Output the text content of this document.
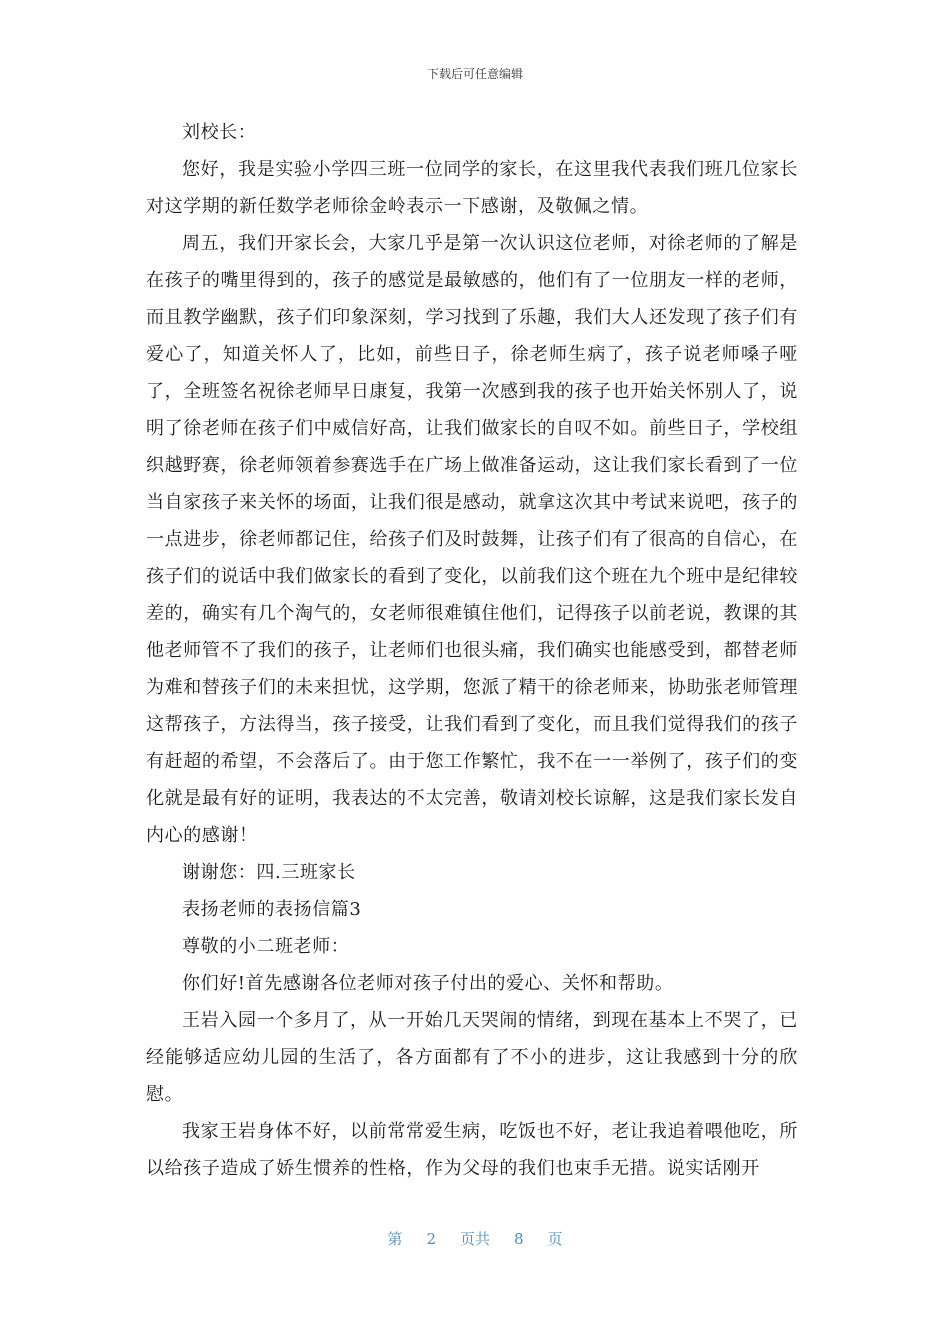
下载后可任意编辑

刘校长：

您好，我是实验小学四三班一位同学的家长，在这里我代表我们班几位家长对这学期的新任数学老师徐金岭表示一下感谢，及敬佩之情。

周五，我们开家长会，大家几乎是第一次认识这位老师，对徐老师的了解是在孩子的嘴里得到的，孩子的感觉是最敏感的，他们有了一位朋友一样的老师，而且教学幽默，孩子们印象深刻，学习找到了乐趣，我们大人还发现了孩子们有爱心了，知道关怀人了，比如，前些日子，徐老师生病了，孩子说老师嗓子哑了，全班签名祝徐老师早日康复，我第一次感到我的孩子也开始关怀别人了，说明了徐老师在孩子们中威信好高，让我们做家长的自叹不如。前些日子，学校组织越野赛，徐老师领着参赛选手在广场上做准备运动，这让我们家长看到了一位当自家孩子来关怀的场面，让我们很是感动，就拿这次其中考试来说吧，孩子的一点进步，徐老师都记住，给孩子们及时鼓舞，让孩子们有了很高的自信心，在孩子们的说话中我们做家长的看到了变化，以前我们这个班在九个班中是纪律较差的，确实有几个淘气的，女老师很难镇住他们，记得孩子以前老说，教课的其他老师管不了我们的孩子，让老师们也很头痛，我们确实也能感受到，都替老师为难和替孩子们的未来担忧，这学期，您派了精干的徐老师来，协助张老师管理这帮孩子，方法得当，孩子接受，让我们看到了变化，而且我们觉得我们的孩子有赶超的希望，不会落后了。由于您工作繁忙，我不在一一举例了，孩子们的变化就是最有好的证明，我表达的不太完善，敬请刘校长谅解，这是我们家长发自内心的感谢！

谢谢您：四.三班家长

表扬老师的表扬信篇3

尊敬的小二班老师：

你们好!首先感谢各位老师对孩子付出的爱心、关怀和帮助。

王岩入园一个多月了，从一开始几天哭闹的情绪，到现在基本上不哭了，已经能够适应幼儿园的生活了，各方面都有了不小的进步，这让我感到十分的欣慰。

我家王岩身体不好，以前常常爱生病，吃饭也不好，老让我追着喂他吃，所以给孩子造成了娇生惯养的性格，作为父母的我们也束手无措。说实话刚开

第 2 页共 8 页
